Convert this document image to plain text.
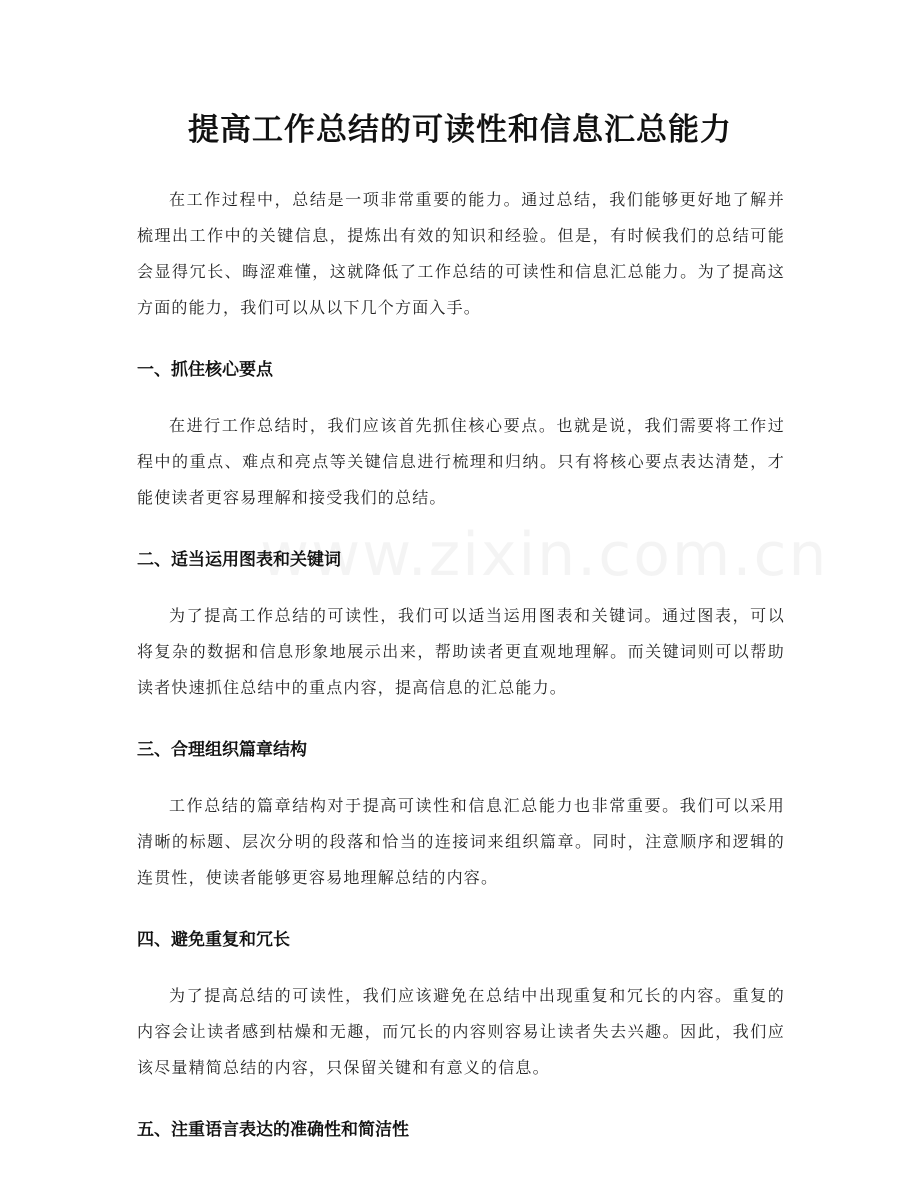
提高工作总结的可读性和信息汇总能力

在工作过程中，总结是一项非常重要的能力。通过总结，我们能够更好地了解并梳理出工作中的关键信息，提炼出有效的知识和经验。但是，有时候我们的总结可能会显得冗长、晦涩难懂，这就降低了工作总结的可读性和信息汇总能力。为了提高这方面的能力，我们可以从以下几个方面入手。

一、抓住核心要点

在进行工作总结时，我们应该首先抓住核心要点。也就是说，我们需要将工作过程中的重点、难点和亮点等关键信息进行梳理和归纳。只有将核心要点表达清楚，才能使读者更容易理解和接受我们的总结。

二、适当运用图表和关键词

为了提高工作总结的可读性，我们可以适当运用图表和关键词。通过图表，可以将复杂的数据和信息形象地展示出来，帮助读者更直观地理解。而关键词则可以帮助读者快速抓住总结中的重点内容，提高信息的汇总能力。

三、合理组织篇章结构

工作总结的篇章结构对于提高可读性和信息汇总能力也非常重要。我们可以采用清晰的标题、层次分明的段落和恰当的连接词来组织篇章。同时，注意顺序和逻辑的连贯性，使读者能够更容易地理解总结的内容。

四、避免重复和冗长

为了提高总结的可读性，我们应该避免在总结中出现重复和冗长的内容。重复的内容会让读者感到枯燥和无趣，而冗长的内容则容易让读者失去兴趣。因此，我们应该尽量精简总结的内容，只保留关键和有意义的信息。

五、注重语言表达的准确性和简洁性
